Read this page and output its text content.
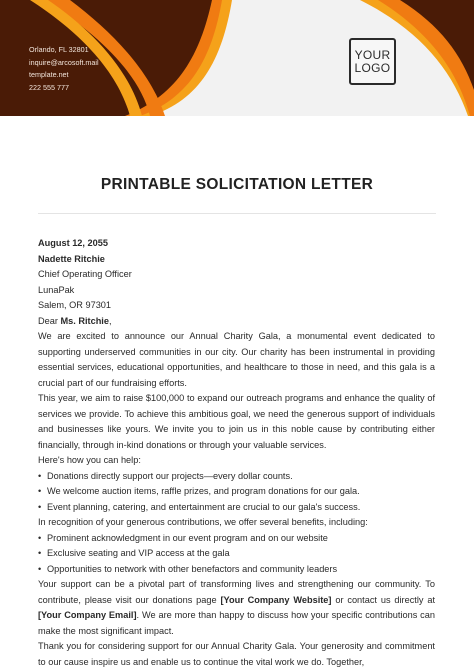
Orlando, FL 32801
inquire@arcosoft.mail
template.net
222 555 777
YOUR
LOGO
PRINTABLE SOLICITATION LETTER
August 12, 2055
Nadette Ritchie
Chief Operating Officer
LunaPak
Salem, OR 97301
Dear Ms. Ritchie,

We are excited to announce our Annual Charity Gala, a monumental event dedicated to supporting underserved communities in our city. Our charity has been instrumental in providing essential services, educational opportunities, and healthcare to those in need, and this gala is a crucial part of our fundraising efforts.

This year, we aim to raise $100,000 to expand our outreach programs and enhance the quality of services we provide. To achieve this ambitious goal, we need the generous support of individuals and businesses like yours. We invite you to join us in this noble cause by contributing either financially, through in-kind donations or through your valuable services.

Here's how you can help:
• Donations directly support our projects—every dollar counts.
• We welcome auction items, raffle prizes, and program donations for our gala.
• Event planning, catering, and entertainment are crucial to our gala's success.
In recognition of your generous contributions, we offer several benefits, including:
• Prominent acknowledgment in our event program and on our website
• Exclusive seating and VIP access at the gala
• Opportunities to network with other benefactors and community leaders

Your support can be a pivotal part of transforming lives and strengthening our community. To contribute, please visit our donations page [Your Company Website] or contact us directly at [Your Company Email]. We are more than happy to discuss how your specific contributions can make the most significant impact.

Thank you for considering support for our Annual Charity Gala. Your generosity and commitment to our cause inspire us and enable us to continue the vital work we do. Together,
